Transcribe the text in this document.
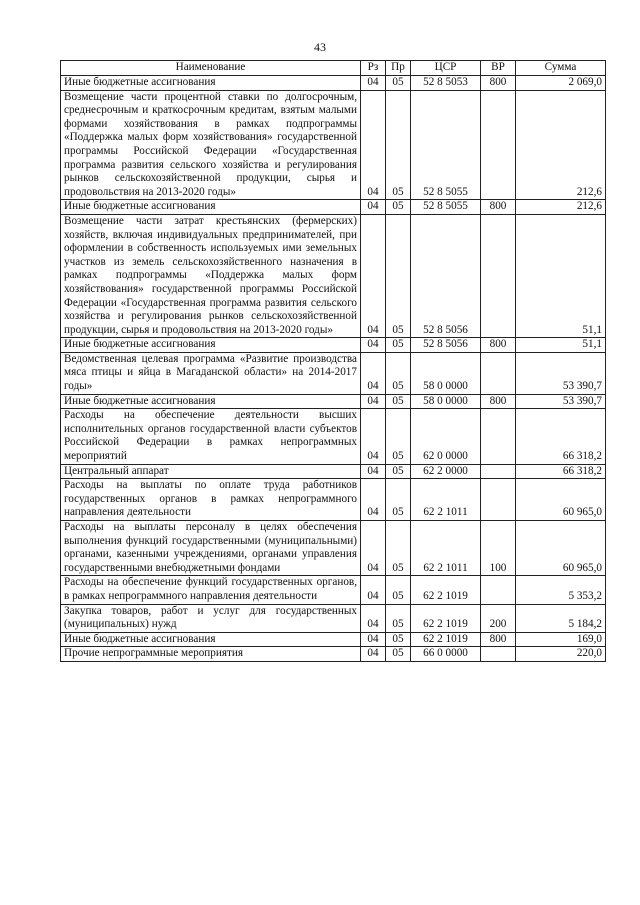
43
Наименование	Рз	Пр	ЦСР	ВР	Сумма
Иные бюджетные ассигнования	04	05	52 8 5053	800	2 069,0
Возмещение части процентной ставки по долгосрочным, среднесрочным и краткосрочным кредитам, взятым малыми формами хозяйствования в рамках подпрограммы «Поддержка малых форм хозяйствования» государственной программы Российской Федерации «Государственная программа развития сельского хозяйства и регулирования рынков сельскохозяйственной продукции, сырья и продовольствия на 2013-2020 годы»	04	05	52 8 5055		212,6
Иные бюджетные ассигнования	04	05	52 8 5055	800	212,6
Возмещение части затрат крестьянских (фермерских) хозяйств, включая индивидуальных предпринимателей, при оформлении в собственность используемых ими земельных участков из земель сельскохозяйственного назначения в рамках подпрограммы «Поддержка малых форм хозяйствования» государственной программы Российской Федерации «Государственная программа развития сельского хозяйства и регулирования рынков сельскохозяйственной продукции, сырья и продовольствия на 2013-2020 годы»	04	05	52 8 5056		51,1
Иные бюджетные ассигнования	04	05	52 8 5056	800	51,1
Ведомственная целевая программа «Развитие производства мяса птицы и яйца в Магаданской области» на 2014-2017 годы»	04	05	58 0 0000		53 390,7
Иные бюджетные ассигнования	04	05	58 0 0000	800	53 390,7
Расходы на обеспечение деятельности высших исполнительных органов государственной власти субъектов Российской Федерации в рамках непрограммных мероприятий	04	05	62 0 0000		66 318,2
Центральный аппарат	04	05	62 2 0000		66 318,2
Расходы на выплаты по оплате труда работников государственных органов в рамках непрограммного направления деятельности	04	05	62 2 1011		60 965,0
Расходы на выплаты персоналу в целях обеспечения выполнения функций государственными (муниципальными) органами, казенными учреждениями, органами управления государственными внебюджетными фондами	04	05	62 2 1011	100	60 965,0
Расходы на обеспечение функций государственных органов, в рамках непрограммного направления деятельности	04	05	62 2 1019		5 353,2
Закупка товаров, работ и услуг для государственных (муниципальных) нужд	04	05	62 2 1019	200	5 184,2
Иные бюджетные ассигнования	04	05	62 2 1019	800	169,0
Прочие непрограммные мероприятия	04	05	66 0 0000		220,0
